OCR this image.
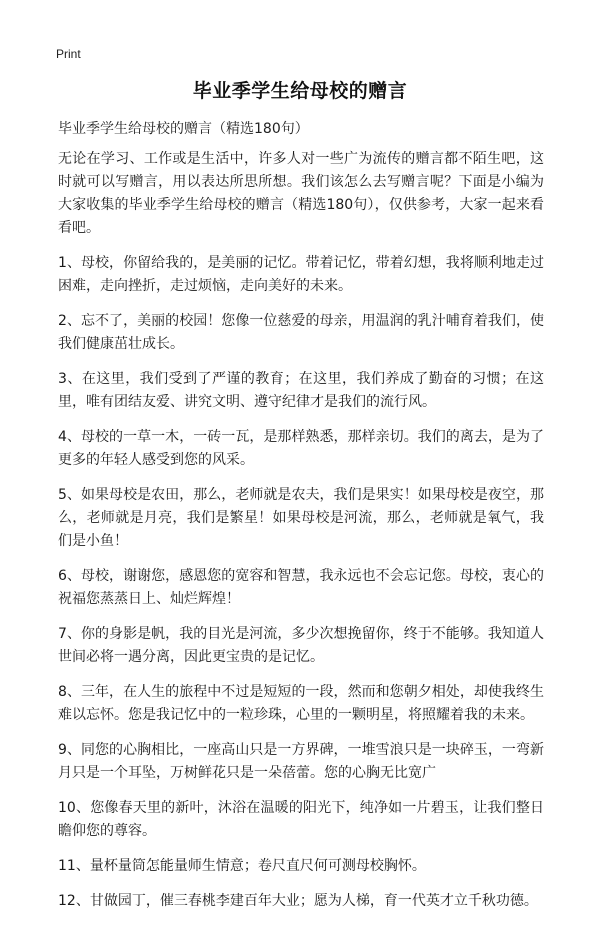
Print
毕业季学生给母校的赠言
毕业季学生给母校的赠言（精选180句）

无论在学习、工作或是生活中，许多人对一些广为流传的赠言都不陌生吧，这时就可以写赠言，用以表达所思所想。我们该怎么去写赠言呢？下面是小编为大家收集的毕业季学生给母校的赠言（精选180句），仅供参考，大家一起来看看吧。

1、母校，你留给我的，是美丽的记忆。带着记忆，带着幻想，我将顺利地走过困难，走向挫折，走过烦恼，走向美好的未来。

2、忘不了，美丽的校园！您像一位慈爱的母亲，用温润的乳汁哺育着我们，使我们健康茁壮成长。

3、在这里，我们受到了严谨的教育；在这里，我们养成了勤奋的习惯；在这里，唯有团结友爱、讲究文明、遵守纪律才是我们的流行风。

4、母校的一草一木，一砖一瓦，是那样熟悉，那样亲切。我们的离去，是为了更多的年轻人感受到您的风采。

5、如果母校是农田，那么，老师就是农夫，我们是果实！如果母校是夜空，那么，老师就是月亮，我们是繁星！如果母校是河流，那么，老师就是氧气，我们是小鱼！

6、母校，谢谢您，感恩您的宽容和智慧，我永远也不会忘记您。母校，衷心的祝福您蒸蒸日上、灿烂辉煌！

7、你的身影是帆，我的目光是河流，多少次想挽留你，终于不能够。我知道人世间必将一遇分离，因此更宝贵的是记忆。

8、三年，在人生的旅程中不过是短短的一段，然而和您朝夕相处，却使我终生难以忘怀。您是我记忆中的一粒珍珠，心里的一颗明星，将照耀着我的未来。

9、同您的心胸相比，一座高山只是一方界碑，一堆雪浪只是一块碎玉，一弯新月只是一个耳坠，万树鲜花只是一朵蓓蕾。您的心胸无比宽广

10、您像春天里的新叶，沐浴在温暖的阳光下，纯净如一片碧玉，让我们整日瞻仰您的尊容。

11、量杯量筒怎能量师生情意；卷尺直尺何可测母校胸怀。

12、甘做园丁，催三春桃李建百年大业；愿为人梯，育一代英才立千秋功德。
